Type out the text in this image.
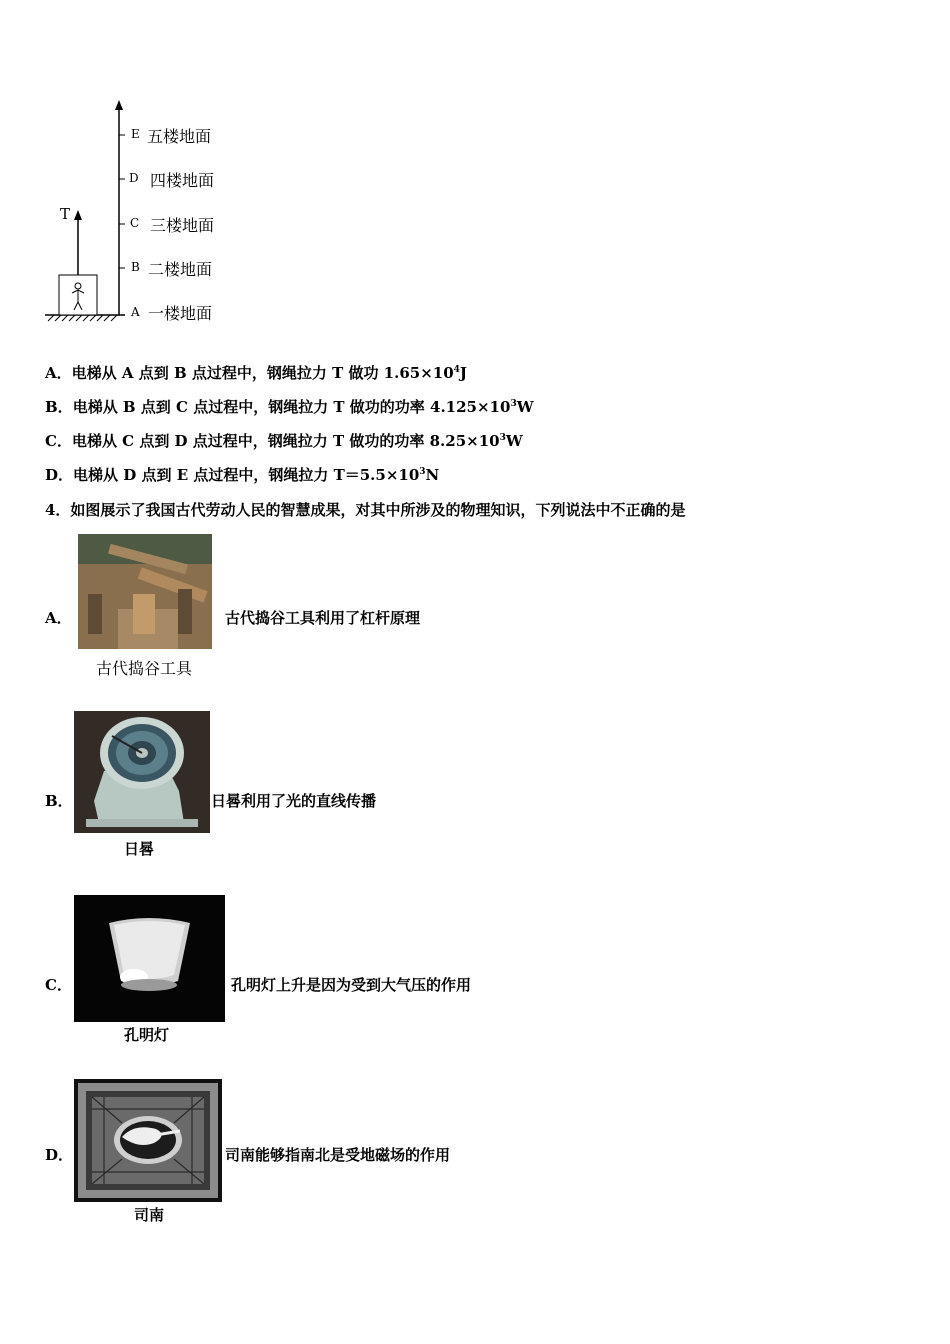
T
E 五楼地面
D 四楼地面
C 三楼地面
B 二楼地面
A 一楼地面
A．电梯从 A 点到 B 点过程中，钢绳拉力 T 做功 $1.65\times 10^4J$
B．电梯从 B 点到 C 点过程中，钢绳拉力 T 做功的功率 $4.125\times 10^3W$
C．电梯从 C 点到 D 点过程中，钢绳拉力 T 做功的功率 $8.25\times 10^3W$
D．电梯从 D 点到 E 点过程中，钢绳拉力 $T=5.5\times 10^3N$
4．如图展示了我国古代劳动人民的智慧成果，对其中所涉及的物理知识，下列说法中不正确的是
A．
古代捣谷工具
古代捣谷工具利用了杠杆原理
B．
日晷
日晷利用了光的直线传播
C．
孔明灯
孔明灯上升是因为受到大气压的作用
D．
司南
司南能够指南北是受地磁场的作用
